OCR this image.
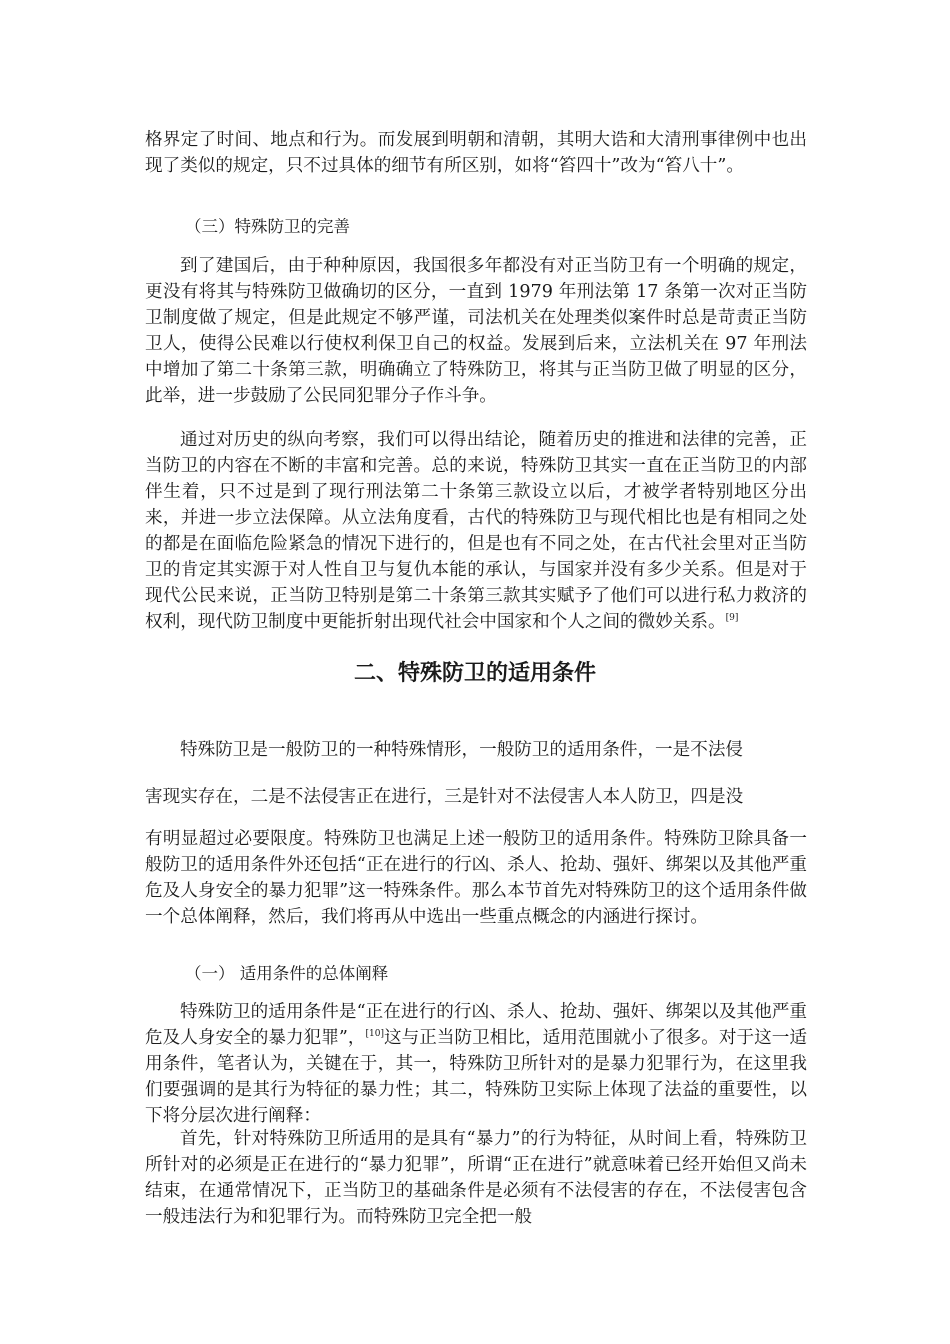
格界定了时间、地点和行为。而发展到明朝和清朝，其明大诰和大清刑事律例中也出现了类似的规定，只不过具体的细节有所区别，如将“笞四十”改为“笞八十”。

（三）特殊防卫的完善

到了建国后，由于种种原因，我国很多年都没有对正当防卫有一个明确的规定，更没有将其与特殊防卫做确切的区分，一直到 1979 年刑法第 17 条第一次对正当防卫制度做了规定，但是此规定不够严谨，司法机关在处理类似案件时总是苛责正当防卫人，使得公民难以行使权利保卫自己的权益。发展到后来，立法机关在 97 年刑法中增加了第二十条第三款，明确确立了特殊防卫，将其与正当防卫做了明显的区分，此举，进一步鼓励了公民同犯罪分子作斗争。

通过对历史的纵向考察，我们可以得出结论，随着历史的推进和法律的完善，正当防卫的内容在不断的丰富和完善。总的来说，特殊防卫其实一直在正当防卫的内部伴生着，只不过是到了现行刑法第二十条第三款设立以后，才被学者特别地区分出来，并进一步立法保障。从立法角度看，古代的特殊防卫与现代相比也是有相同之处的都是在面临危险紧急的情况下进行的，但是也有不同之处，在古代社会里对正当防卫的肯定其实源于对人性自卫与复仇本能的承认，与国家并没有多少关系。但是对于现代公民来说，正当防卫特别是第二十条第三款其实赋予了他们可以进行私力救济的权利，现代防卫制度中更能折射出现代社会中国家和个人之间的微妙关系。[9]

二、特殊防卫的适用条件

特殊防卫是一般防卫的一种特殊情形，一般防卫的适用条件，一是不法侵

害现实存在，二是不法侵害正在进行，三是针对不法侵害人本人防卫，四是没

有明显超过必要限度。特殊防卫也满足上述一般防卫的适用条件。特殊防卫除具备一般防卫的适用条件外还包括“正在进行的行凶、杀人、抢劫、强奸、绑架以及其他严重危及人身安全的暴力犯罪”这一特殊条件。那么本节首先对特殊防卫的这个适用条件做一个总体阐释，然后，我们将再从中选出一些重点概念的内涵进行探讨。

（一） 适用条件的总体阐释

特殊防卫的适用条件是“正在进行的行凶、杀人、抢劫、强奸、绑架以及其他严重危及人身安全的暴力犯罪”，[10]这与正当防卫相比，适用范围就小了很多。对于这一适用条件，笔者认为，关键在于，其一，特殊防卫所针对的是暴力犯罪行为，在这里我们要强调的是其行为特征的暴力性；其二，特殊防卫实际上体现了法益的重要性，以下将分层次进行阐释：

首先，针对特殊防卫所适用的是具有“暴力”的行为特征，从时间上看，特殊防卫所针对的必须是正在进行的“暴力犯罪”，所谓“正在进行”就意味着已经开始但又尚未结束，在通常情况下，正当防卫的基础条件是必须有不法侵害的存在，不法侵害包含一般违法行为和犯罪行为。而特殊防卫完全把一般
